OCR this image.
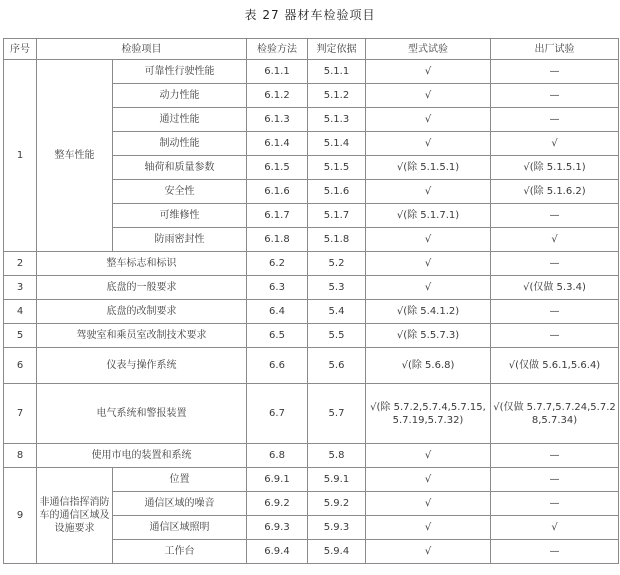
表 27 器材车检验项目
序号	检验项目		检验方法	判定依据	型式试验	出厂试验
1	整车性能	可靠性行驶性能	6.1.1	5.1.1	√	—
		动力性能	6.1.2	5.1.2	√	—
		通过性能	6.1.3	5.1.3	√	—
		制动性能	6.1.4	5.1.4	√	√
		轴荷和质量参数	6.1.5	5.1.5	√(除 5.1.5.1)	√(除 5.1.5.1)
		安全性	6.1.6	5.1.6	√	√(除 5.1.6.2)
		可维修性	6.1.7	5.1.7	√(除 5.1.7.1)	—
		防雨密封性	6.1.8	5.1.8	√	√
2	整车标志和标识		6.2	5.2	√	—
3	底盘的一般要求		6.3	5.3	√	√(仅做 5.3.4)
4	底盘的改制要求		6.4	5.4	√(除 5.4.1.2)	—
5	驾驶室和乘员室改制技术要求		6.5	5.5	√(除 5.5.7.3)	—
6	仪表与操作系统		6.6	5.6	√(除 5.6.8)	√(仅做 5.6.1,5.6.4)
7	电气系统和警报装置		6.7	5.7	√(除 5.7.2,5.7.4,5.7.15,5.7.19,5.7.32)	√(仅做 5.7.7,5.7.24,5.7.28,5.7.34)
8	使用市电的装置和系统		6.8	5.8	√	—
9	非通信指挥消防车的通信区域及设施要求	位置	6.9.1	5.9.1	√	—
		通信区域的噪音	6.9.2	5.9.2	√	—
		通信区域照明	6.9.3	5.9.3	√	√
		工作台	6.9.4	5.9.4	√	—
